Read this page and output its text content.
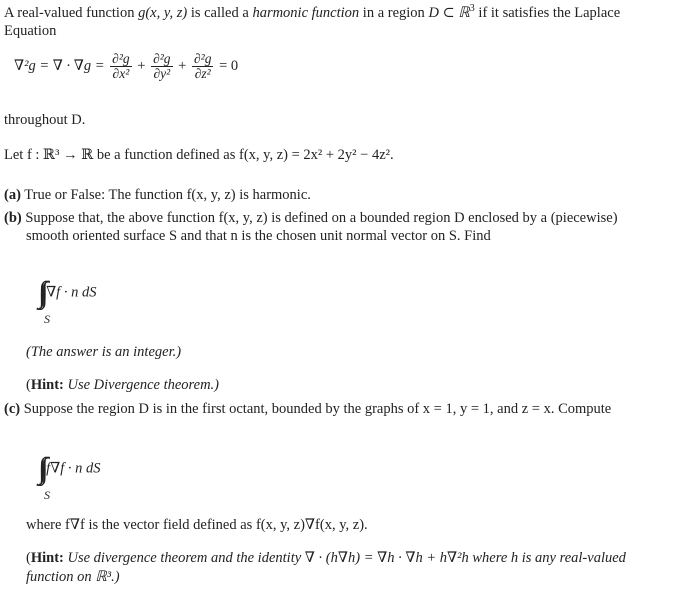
A real-valued function g(x, y, z) is called a harmonic function in a region D ⊂ ℝ$^3$ if it satisfies the Laplace
Equation
∇²g = ∇ · $\nabla g = \frac{\text{∂²g}}{\text{∂x²}} + \frac{\text{∂²g}}{\text{∂y²}} + \frac{\text{∂²g}}{\text{∂z²}} = 0$
throughout D.
Let f : ℝ³ → ℝ be a function defined as f(x, y, z) = 2x² + 2y² − 4z².
(a) True or False: The function f(x, y, z) is harmonic.
(b) Suppose that, the above function f(x, y, z) is defined on a bounded region D enclosed by a (piecewise)
smooth oriented surface S and that n is the chosen unit normal vector on S. Find
∫∫ ∇f · n dS
S
(The answer is an integer.)
(Hint: Use Divergence theorem.)
(c) Suppose the region D is in the first octant, bounded by the graphs of x = 1, y = 1, and z = x. Compute
∫∫ f∇f · n dS
S
where f∇f is the vector field defined as f(x, y, z)∇f(x, y, z).
(Hint: Use divergence theorem and the identity ∇ · (h∇h) = ∇h · ∇h + h∇²h where h is any real-valued
function on ℝ³.)
